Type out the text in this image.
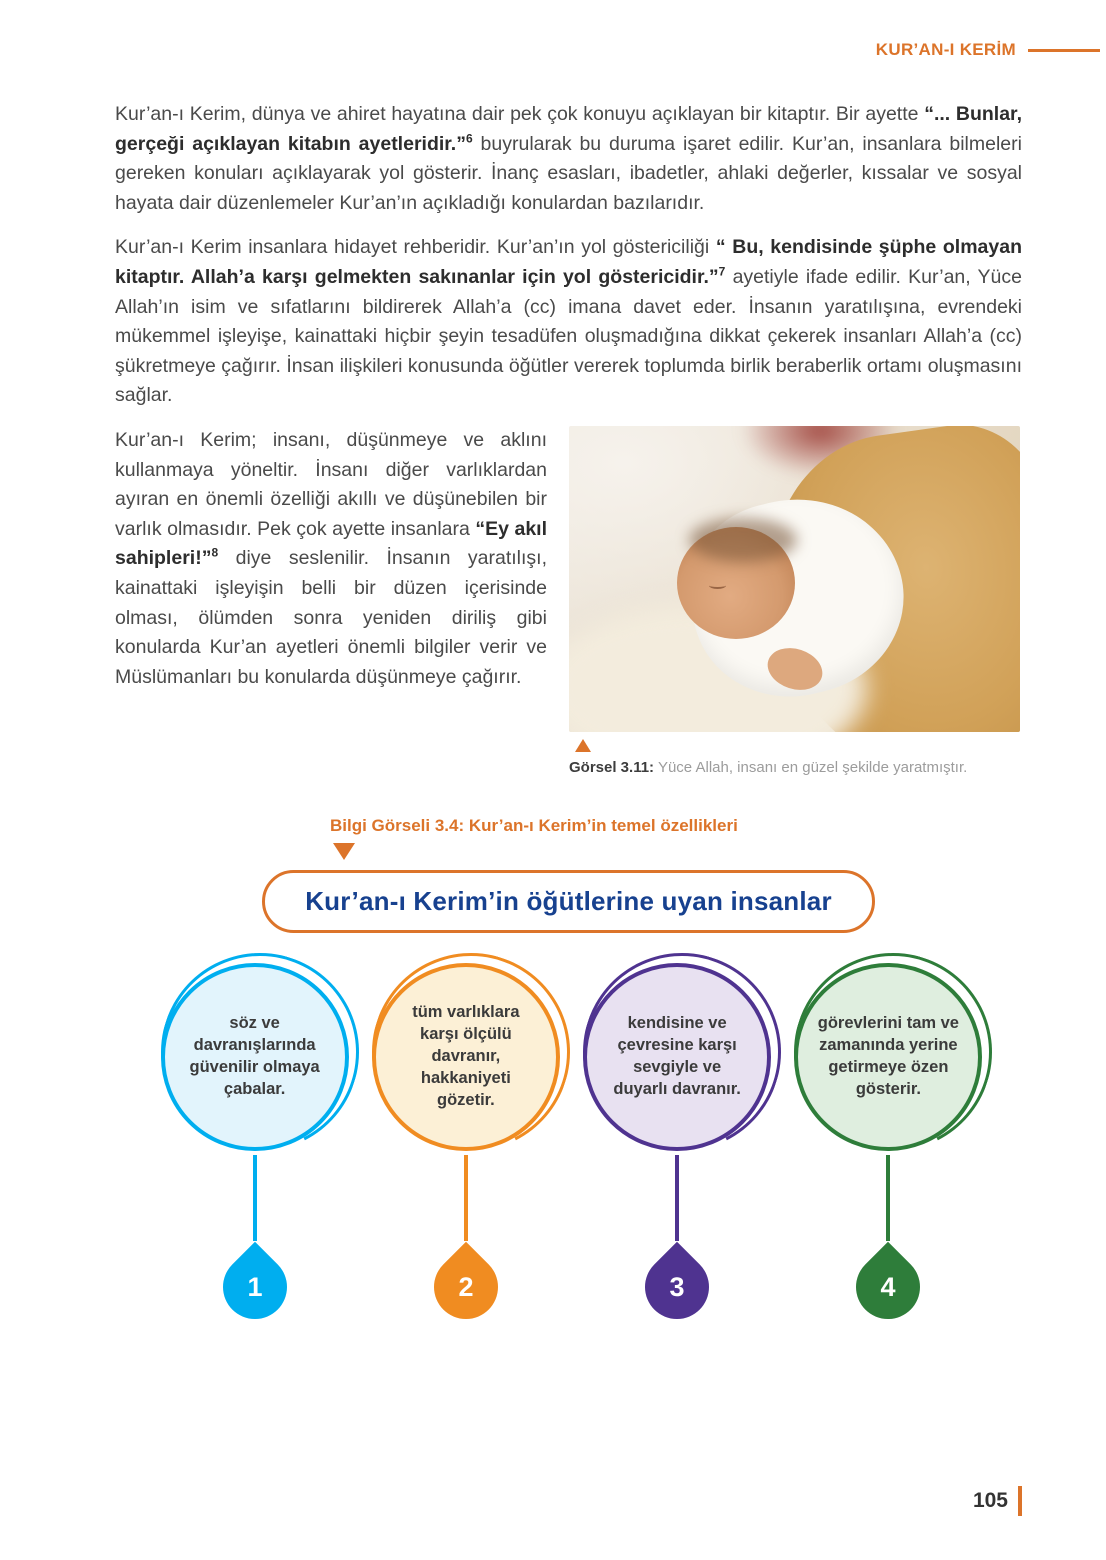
KUR’AN-I KERİM

Kur’an-ı Kerim, dünya ve ahiret hayatına dair pek çok konuyu açıklayan bir kitaptır. Bir ayette “... Bunlar, gerçeği açıklayan kitabın ayetleridir.”$^6$ buyrularak bu duruma işaret edilir. Kur’an, insanlara bilmeleri gereken konuları açıklayarak yol gösterir. İnanç esasları, ibadetler, ahlaki değerler, kıssalar ve sosyal hayata dair düzenlemeler Kur’an’ın açıkladığı konulardan bazılarıdır.

Kur’an-ı Kerim insanlara hidayet rehberidir. Kur’an’ın yol göstericiliği “ Bu, kendisinde şüphe olmayan kitaptır. Allah’a karşı gelmekten sakınanlar için yol göstericidir.”$^7$ ayetiyle ifade edilir. Kur’an, Yüce Allah’ın isim ve sıfatlarını bildirerek Allah’a (cc) imana davet eder. İnsanın yaratılışına, evrendeki mükemmel işleyişe, kainattaki hiçbir şeyin tesadüfen oluşmadığına dikkat çekerek insanları Allah’a (cc) şükretmeye çağırır. İnsan ilişkileri konusunda öğütler vererek toplumda birlik beraberlik ortamı oluşmasını sağlar.

Kur’an-ı Kerim; insanı, düşünmeye ve aklını kullanmaya yöneltir. İnsanı diğer varlıklardan ayıran en önemli özelliği akıllı ve düşünebilen bir varlık olmasıdır. Pek çok ayette insanlara “Ey akıl sahipleri!”$^8$ diye seslenilir. İnsanın yaratılışı, kainattaki işleyişin belli bir düzen içerisinde olması, ölümden sonra yeniden diriliş gibi konularda Kur’an ayetleri önemli bilgiler verir ve Müslümanları bu konularda düşünmeye çağırır.

Görsel 3.11: Yüce Allah, insanı en güzel şekilde yaratmıştır.
Bilgi Görseli 3.4: Kur’an-ı Kerim’in temel özellikleri
Kur’an-ı Kerim’in öğütlerine uyan insanlar

söz ve davranışlarında güvenilir olmaya çabalar.

1

tüm varlıklara karşı ölçülü davranır, hakkaniyeti gözetir.

2

kendisine ve çevresine karşı sevgiyle ve duyarlı davranır.

3

görevlerini tam ve zamanında yerine getirmeye özen gösterir.

4
105
